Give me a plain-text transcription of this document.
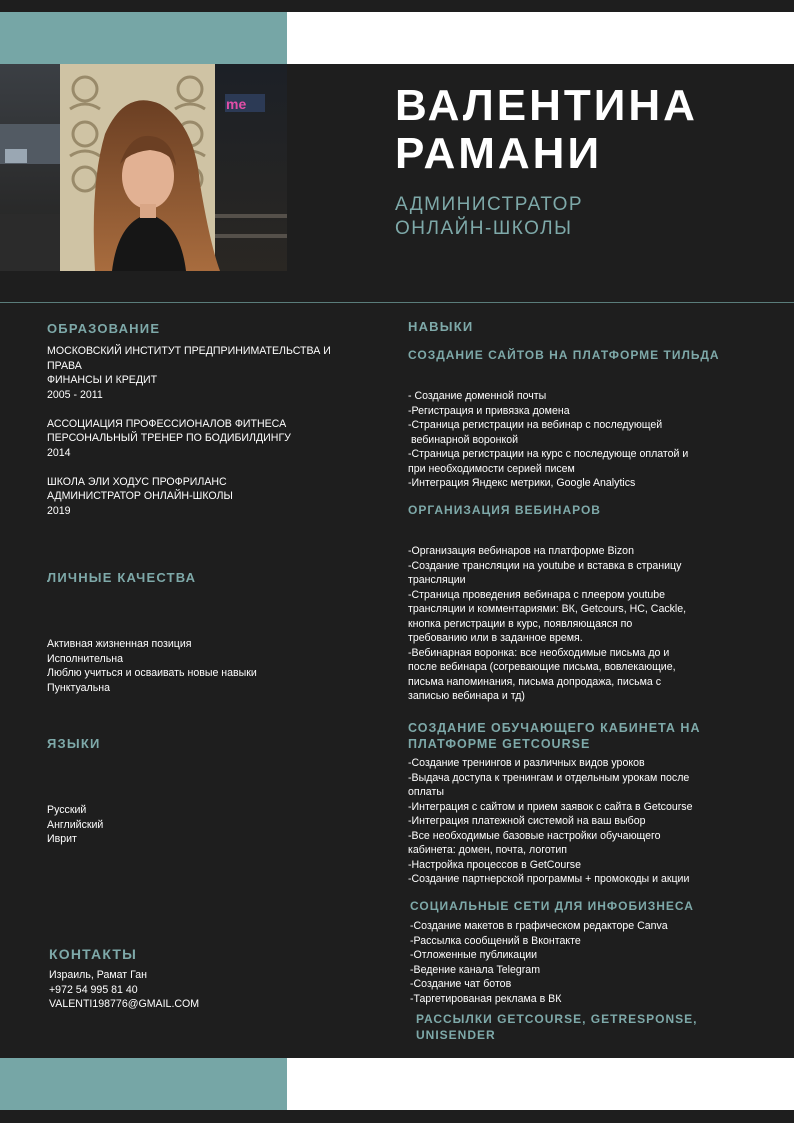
me	ВАЛЕНТИНА
РАМАНИ
АДМИНИСТРАТОР
ОНЛАЙН-ШКОЛЫ
ОБРАЗОВАНИЕ
МОСКОВСКИЙ ИНСТИТУТ ПРЕДПРИНИМАТЕЛЬСТВА И ПРАВА
ФИНАНСЫ И КРЕДИТ
2005 - 2011
АССОЦИАЦИЯ ПРОФЕССИОНАЛОВ ФИТНЕСА
ПЕРСОНАЛЬНЫЙ ТРЕНЕР ПО БОДИБИЛДИНГУ
2014
ШКОЛА ЭЛИ ХОДУС ПРОФРИЛАНС
АДМИНИСТРАТОР ОНЛАЙН-ШКОЛЫ
2019
ЛИЧНЫЕ КАЧЕСТВА
Активная жизненная позиция
Исполнительна
Люблю учиться и осваивать новые навыки
Пунктуальна
ЯЗЫКИ
Русский
Английский
Иврит
КОНТАКТЫ
Израиль, Рамат Ган
+972 54 995 81 40
VALENTI198776@GMAIL.COM
НАВЫКИ
СОЗДАНИЕ САЙТОВ НА ПЛАТФОРМЕ ТИЛЬДА
- Создание доменной почты
-Регистрация и привязка домена
-Страница регистрации на вебинар с последующей
вебинарной воронкой
-Страница регистрации на курс с последующе оплатой и
при необходимости серией писем
-Интеграция Яндекс метрики, Google Analytics
ОРГАНИЗАЦИЯ ВЕБИНАРОВ
-Организация вебинаров на платформе Bizon
-Создание трансляции на youtube и вставка в страницу
трансляции
-Страница проведения вебинара с плеером youtube
трансляции и комментариями: ВК, Getcours, HC, Cackle,
кнопка регистрации в курс, появляющаяся по
требованию или в заданное время.
-Вебинарная воронка: все необходимые письма до и
после вебинара (согревающие письма, вовлекающие,
письма напоминания, письма допродажа, письма с
записью вебинара и тд)
СОЗДАНИЕ ОБУЧАЮЩЕГО КАБИНЕТА НА
ПЛАТФОРМЕ GETCOURSE
-Создание тренингов и различных видов уроков
-Выдача доступа к тренингам и отдельным урокам после
оплаты
-Интеграция с сайтом и прием заявок с сайта в Getcourse
-Интеграция платежной системой на ваш выбор
-Все необходимые базовые настройки обучающего
кабинета: домен, почта, логотип
-Настройка процессов в GetCourse
-Создание партнерской программы + промокоды и акции
СОЦИАЛЬНЫЕ СЕТИ ДЛЯ ИНФОБИЗНЕСА
-Создание макетов в графическом редакторе Canva
-Рассылка сообщений в Вконтакте
-Отложенные публикации
-Ведение канала Telegram
-Создание чат ботов
-Таргетированая реклама в ВК
РАССЫЛКИ GETCOURSE, GETRESPONSE,
UNISENDER
